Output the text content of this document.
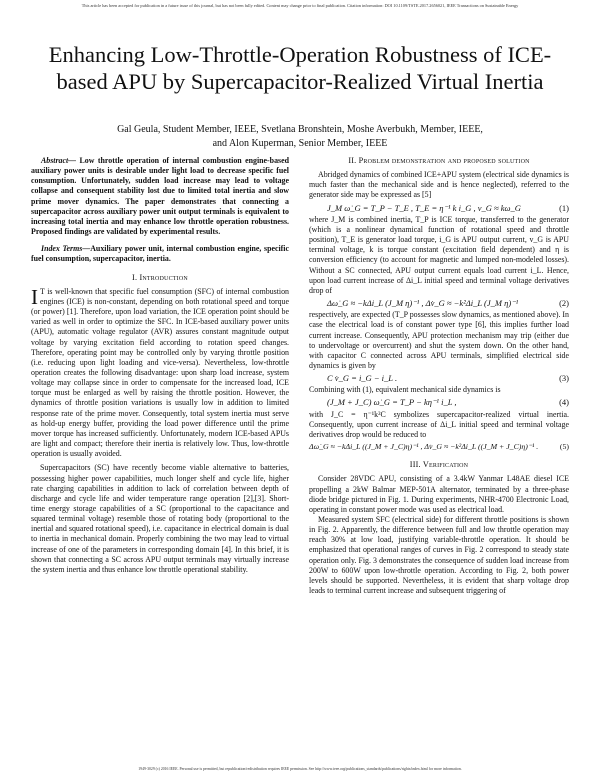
This article has been accepted for publication in a future issue of this journal, but has not been fully edited. Content may change prior to final publication. Citation information: DOI 10.1109/TSTE.2017.2656021, IEEE Transactions on Sustainable Energy
Enhancing Low-Throttle-Operation Robustness of ICE-based APU by Supercapacitor-Realized Virtual Inertia
Gal Geula, Student Member, IEEE, Svetlana Bronshtein, Moshe Averbukh, Member, IEEE,
and Alon Kuperman, Senior Member, IEEE

Abstract— Low throttle operation of internal combustion engine-based auxiliary power units is desirable under light load to decrease specific fuel consumption. Unfortunately, sudden load increase may lead to voltage collapse and consequent stability lost due to limited total inertia and slow prime mover dynamics. The paper demonstrates that connecting a supercapacitor across auxiliary power unit output terminals is equivalent to increasing total inertia and may enhance low throttle operation robustness. Proposed findings are validated by experimental results.

Index Terms—Auxiliary power unit, internal combustion engine, specific fuel consumption, supercapacitor, inertia.

I. Introduction

I T is well-known that specific fuel consumption (SFC) of internal combustion engines (ICE) is non-constant, depending on both rotational speed and torque (or power) [1]. Therefore, upon load variation, the ICE operation point should be varied as well in order to optimize the SFC. In ICE-based auxiliary power units (APU), automatic voltage regulator (AVR) assures constant magnitude output voltage by varying excitation field according to rotation speed changes. Therefore, operating point may be controlled only by varying throttle position (i.e. reducing upon light loading and vice-versa). Nevertheless, low-throttle operation creates the following disadvantage: upon sharp load increase, system voltage may collapse since in order to compensate for the increased load, ICE torque must be enlarged as well by raising the throttle position. However, the dynamics of throttle position variations is usually low in addition to limited response rate of the prime mover. Consequently, total system inertia must serve as hold-up energy buffer, providing the load power difference until the prime mover torque has increased sufficiently. Unfortunately, modern ICE-based APUs are light and compact; therefore their inertia is relatively low. Thus, low-throttle operation is usually avoided.

Supercapacitors (SC) have recently become viable alternative to batteries, possessing higher power capabilities, much longer shelf and cycle life, higher rate charging capabilities in addition to lack of correlation between depth of discharge and cycle life and wider temperature range operation [2],[3]. Short-time energy storage capabilities of a SC (proportional to the capacitance and squared terminal voltage) resemble those of rotating body (proportional to the inertial and squared rotational speed), i.e. capacitance in electrical domain is dual to inertia in mechanical domain. Properly combining the two may lead to virtual increase of one of the parameters in corresponding domain [4]. In this brief, it is shown that connecting a SC across APU output terminals may virtually increase the system inertia and thus enhance low throttle operational stability.

II. Problem demonstration and proposed solution

Abridged dynamics of combined ICE+APU system (electrical side dynamics is much faster than the mechanical side and is hence neglected), referred to the generator side may be expressed as [5]

J_M ω̇_G = T_P − T_E , T_E = η⁻¹ k i_G , v_G ≈ kω_G	(1)

where J_M is combined inertia, T_P is ICE torque, transferred to the generator (which is a nonlinear dynamical function of rotational speed and throttle position), T_E is generator load torque, i_G is APU output current, v_G is APU terminal voltage, k is torque constant (excitation field dependent) and η is conversion efficiency (to account for magnetic and lumped non-modeled losses). Without a SC connected, APU output current equals load current i_L. Hence, upon load current increase of Δi_L initial speed and terminal voltage derivatives drop of

Δω̇_G ≈ −kΔi_L (J_M η)⁻¹ , Δv̇_G ≈ −k²Δi_L (J_M η)⁻¹	(2)

respectively, are expected (T_P possesses slow dynamics, as mentioned above). In case the electrical load is of constant power type [6], this implies further load current increase. Consequently, APU protection mechanism may trip (either due to undervoltage or overcurrent) and shut the system down. On the other hand, with capacitor C connected across APU terminals, simplified electrical side dynamics is given by

C v̇_G = i_G − i_L .	(3)

Combining with (1), equivalent mechanical side dynamics is

(J_M + J_C) ω̇_G = T_P − kη⁻¹ i_L ,	(4)

with J_C = η⁻¹k²C symbolizes supercapacitor-realized virtual inertia. Consequently, upon current increase of Δi_L initial speed and terminal voltage derivatives drop would be reduced to

Δω̇_G ≈ −kΔi_L ((J_M + J_C)η)⁻¹ , Δv̇_G ≈ −k²Δi_L ((J_M + J_C)η)⁻¹ .	(5)
III. Verification

Consider 28VDC APU, consisting of a 3.4kW Yanmar L48AE diesel ICE propelling a 2kW Balmar MEP-501A alternator, terminated by a three-phase diode bridge pictured in Fig. 1. During experiments, NHR-4700 Electronic Load, operating in constant power mode was used as electrical load.

Measured system SFC (electrical side) for different throttle positions is shown in Fig. 2. Apparently, the difference between full and low throttle operation may reach 30% at low load, justifying variable-throttle operation. It should be emphasized that operational ranges of curves in Fig. 2 correspond to steady state operation only. Fig. 3 demonstrates the consequence of sudden load increase from 200W to 600W upon low-throttle operation. According to Fig. 2, both power levels should be supported. Nevertheless, it is evident that sharp voltage drop leads to terminal current increase and subsequent triggering of

1949-3029 (c) 2016 IEEE. Personal use is permitted, but republication/redistribution requires IEEE permission. See http://www.ieee.org/publications_standards/publications/rights/index.html for more information.
